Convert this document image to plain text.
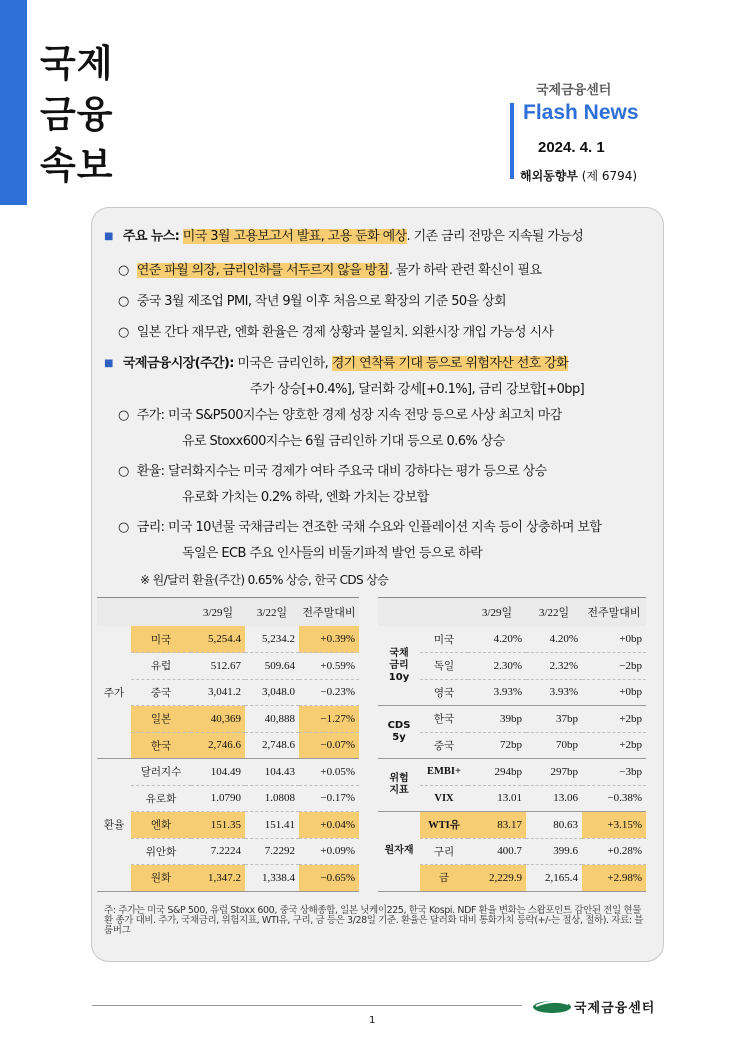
국제
금융
속보
국제금융센터
Flash News
2024. 4. 1
해외동향부 (제 6794)
■ 주요 뉴스: 미국 3월 고용보고서 발표, 고용 둔화 예상. 기존 금리 전망은 지속될 가능성
○ 연준 파월 의장, 금리인하를 서두르지 않을 방침. 물가 하락 관련 확신이 필요
○ 중국 3월 제조업 PMI, 작년 9월 이후 처음으로 확장의 기준 50을 상회
○ 일본 간다 재무관, 엔화 환율은 경제 상황과 불일치. 외환시장 개입 가능성 시사
■ 국제금융시장(주간): 미국은 금리인하, 경기 연착륙 기대 등으로 위험자산 선호 강화
주가 상승[+0.4%], 달러화 강세[+0.1%], 금리 강보합[+0bp]
○ 주가: 미국 S&P500지수는 양호한 경제 성장 지속 전망 등으로 사상 최고치 마감
유로 Stoxx600지수는 6월 금리인하 기대 등으로 0.6% 상승
○ 환율: 달러화지수는 미국 경제가 여타 주요국 대비 강하다는 평가 등으로 상승
유로화 가치는 0.2% 하락, 엔화 가치는 강보합
○ 금리: 미국 10년물 국채금리는 견조한 국채 수요와 인플레이션 지속 등이 상충하며 보합
독일은 ECB 주요 인사들의 비둘기파적 발언 등으로 하락
※ 원/달러 환율(주간) 0.65% 상승, 한국 CDS 상승
		3/29일	3/22일	전주말대비
주가	미국	5,254.4	5,234.2	+0.39%
	유럽	512.67	509.64	+0.59%
	중국	3,041.2	3,048.0	−0.23%
	일본	40,369	40,888	−1.27%
	한국	2,746.6	2,748.6	−0.07%
환율	달러지수	104.49	104.43	+0.05%
	유로화	1.0790	1.0808	−0.17%
	엔화	151.35	151.41	+0.04%
	위안화	7.2224	7.2292	+0.09%
	원화	1,347.2	1,338.4	−0.65%
		3/29일	3/22일	전주말대비
국채
금리
10y	미국	4.20%	4.20%	+0bp
	독일	2.30%	2.32%	−2bp
	영국	3.93%	3.93%	+0bp
CDS
5y	한국	39bp	37bp	+2bp
	중국	72bp	70bp	+2bp
위험
지표	EMBI+	294bp	297bp	−3bp
	VIX	13.01	13.06	−0.38%
원자재	WTI유	83.17	80.63	+3.15%
	구리	400.7	399.6	+0.28%
	금	2,229.9	2,165.4	+2.98%
주: 주가는 미국 S&P 500, 유럽 Stoxx 600, 중국 상해종합, 일본 닛케이225, 한국 Kospi. NDF 환율 변화는 스왑포인트 감안된 전일 현물환 종가 대비. 주가, 국채금리, 위험지표, WTI유, 구리, 금 등은 3/28일 기준. 환율은 달러화 대비 통화가치 등락(+/-는 절상, 절하). 자료: 블룸버그
국제금융센터
1
